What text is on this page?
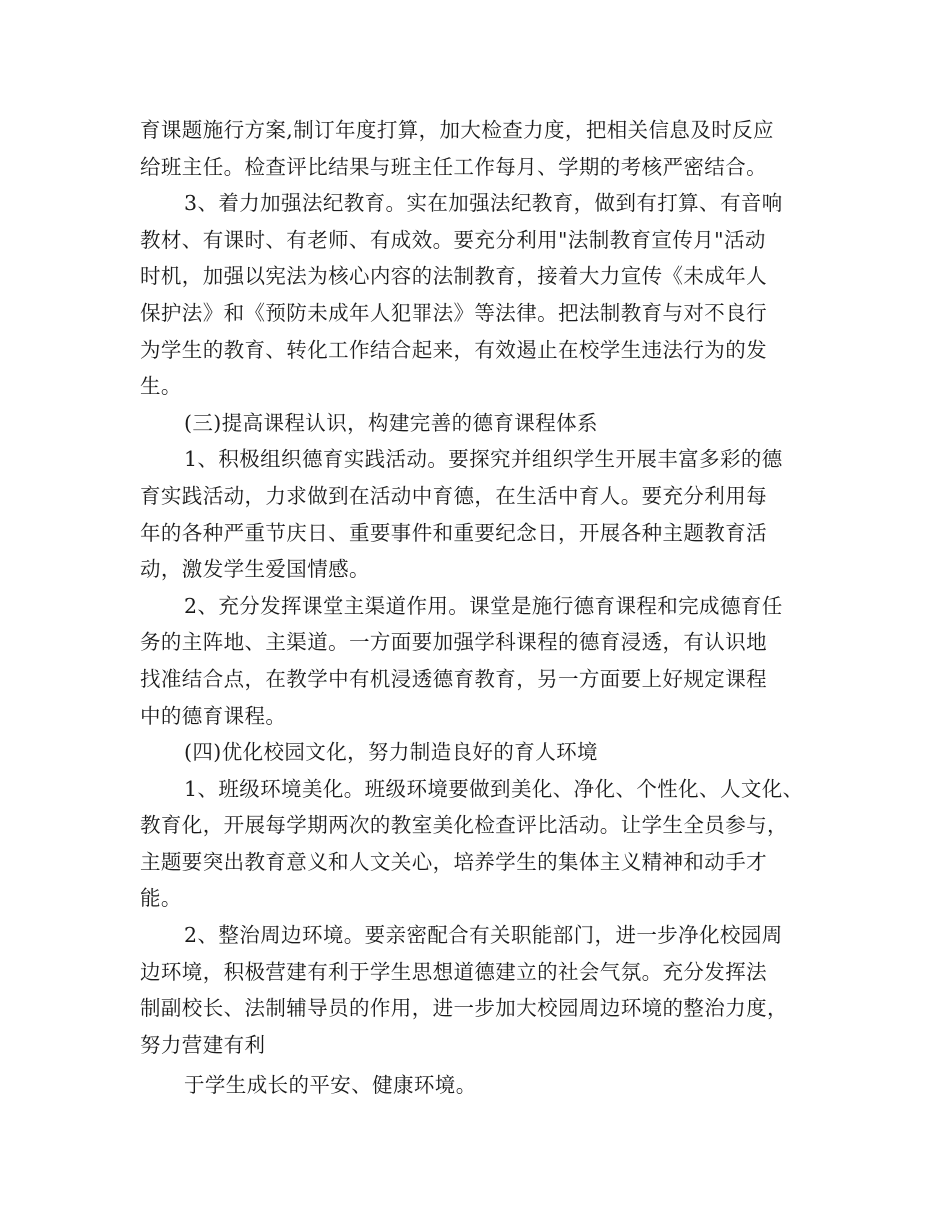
育课题施行方案,制订年度打算，加大检查力度，把相关信息及时反应
给班主任。检查评比结果与班主任工作每月、学期的考核严密结合。
3、着力加强法纪教育。实在加强法纪教育，做到有打算、有音响
教材、有课时、有老师、有成效。要充分利用"法制教育宣传月"活动
时机，加强以宪法为核心内容的法制教育，接着大力宣传《未成年人
保护法》和《预防未成年人犯罪法》等法律。把法制教育与对不良行
为学生的教育、转化工作结合起来，有效遏止在校学生违法行为的发
生。
(三)提高课程认识，构建完善的德育课程体系
1、积极组织德育实践活动。要探究并组织学生开展丰富多彩的德
育实践活动，力求做到在活动中育德，在生活中育人。要充分利用每
年的各种严重节庆日、重要事件和重要纪念日，开展各种主题教育活
动，激发学生爱国情感。
2、充分发挥课堂主渠道作用。课堂是施行德育课程和完成德育任
务的主阵地、主渠道。一方面要加强学科课程的德育浸透，有认识地
找准结合点，在教学中有机浸透德育教育，另一方面要上好规定课程
中的德育课程。
(四)优化校园文化，努力制造良好的育人环境
1、班级环境美化。班级环境要做到美化、净化、个性化、人文化、
教育化，开展每学期两次的教室美化检查评比活动。让学生全员参与，
主题要突出教育意义和人文关心，培养学生的集体主义精神和动手才
能。
2、整治周边环境。要亲密配合有关职能部门，进一步净化校园周
边环境，积极营建有利于学生思想道德建立的社会气氛。充分发挥法
制副校长、法制辅导员的作用，进一步加大校园周边环境的整治力度，
努力营建有利
于学生成长的平安、健康环境。
